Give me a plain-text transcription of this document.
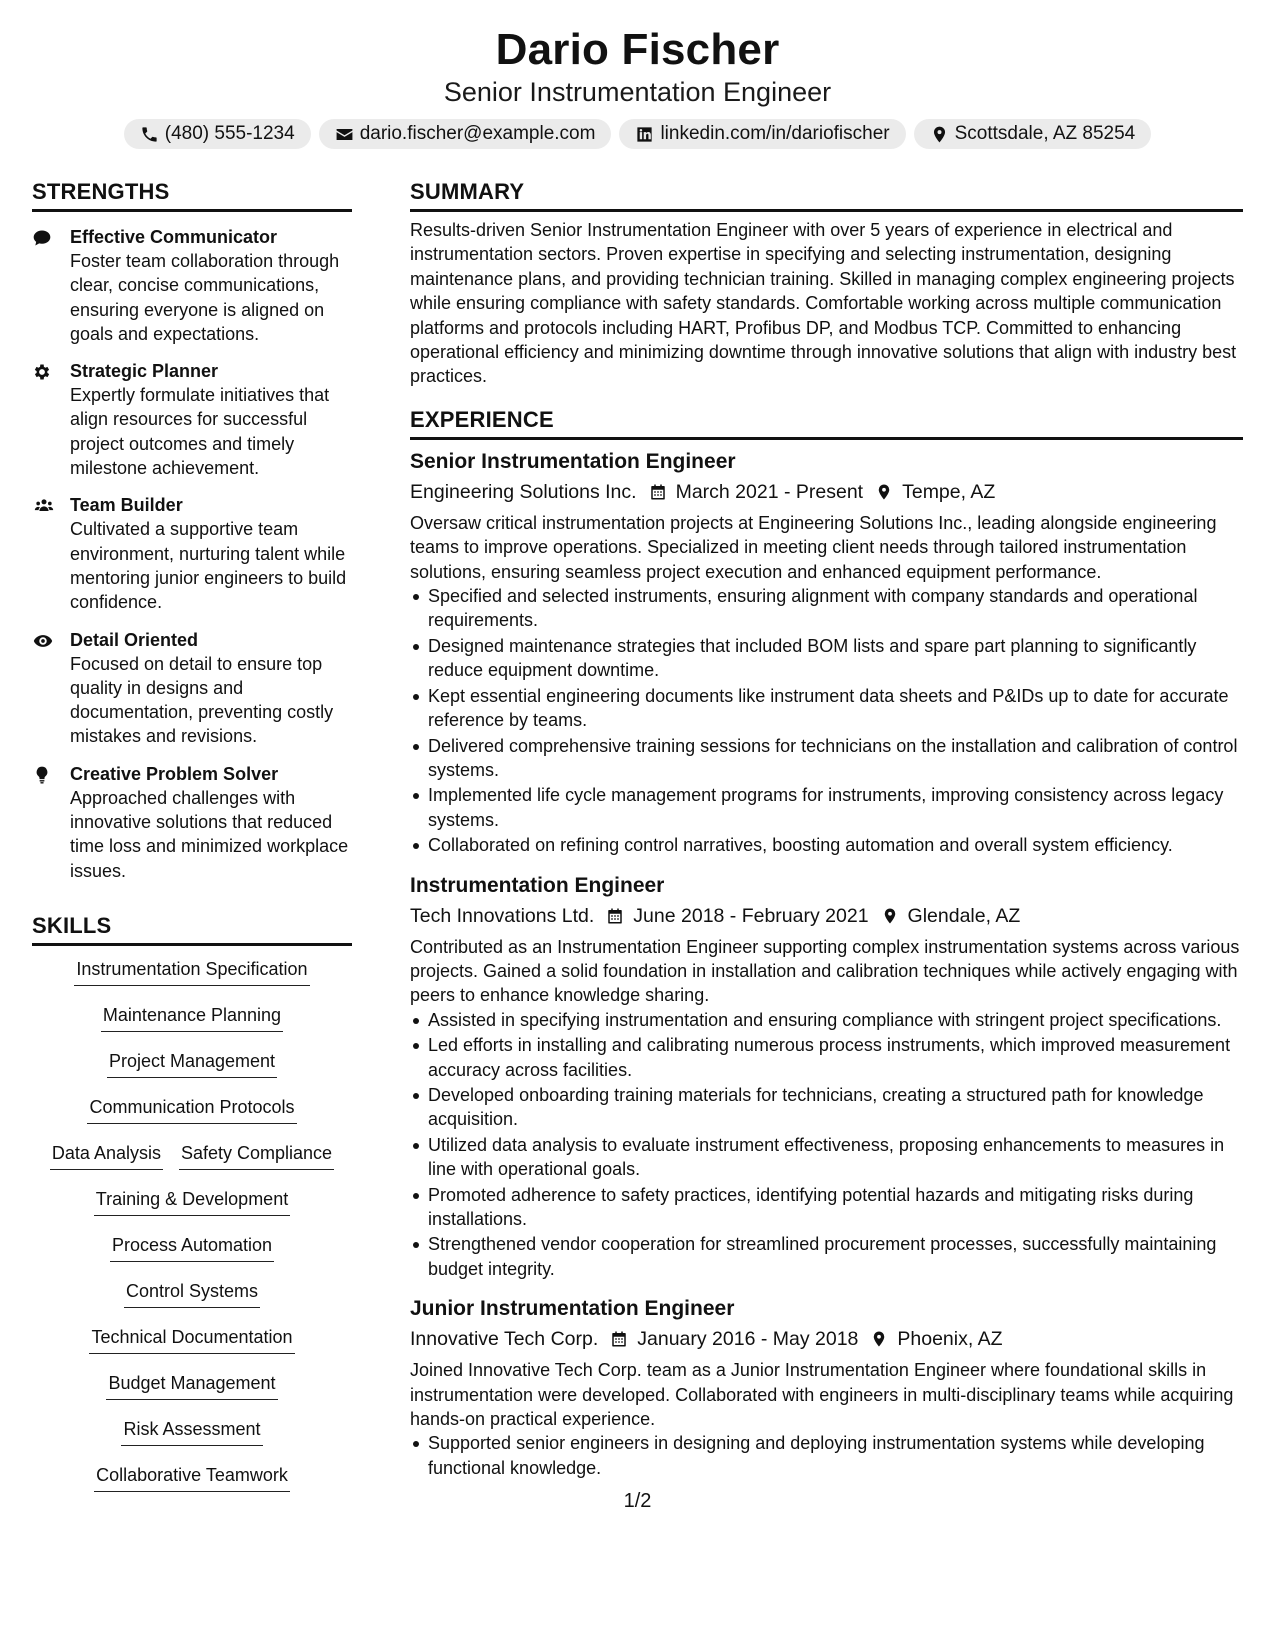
Dario Fischer
Senior Instrumentation Engineer
(480) 555-1234	dario.fischer@example.com	linkedin.com/in/dariofischer	Scottsdale, AZ 85254
STRENGTHS
Effective Communicator
Foster team collaboration through clear, concise communications, ensuring everyone is aligned on goals and expectations.
Strategic Planner
Expertly formulate initiatives that align resources for successful project outcomes and timely milestone achievement.
Team Builder
Cultivated a supportive team environment, nurturing talent while mentoring junior engineers to build confidence.
Detail Oriented
Focused on detail to ensure top quality in designs and documentation, preventing costly mistakes and revisions.
Creative Problem Solver
Approached challenges with innovative solutions that reduced time loss and minimized workplace issues.
SKILLS
Instrumentation Specification
Maintenance Planning
Project Management
Communication Protocols
Data Analysis Safety Compliance
Training & Development
Process Automation
Control Systems
Technical Documentation
Budget Management
Risk Assessment
Collaborative Teamwork
SUMMARY

Results-driven Senior Instrumentation Engineer with over 5 years of experience in electrical and instrumentation sectors. Proven expertise in specifying and selecting instrumentation, designing maintenance plans, and providing technician training. Skilled in managing complex engineering projects while ensuring compliance with safety standards. Comfortable working across multiple communication platforms and protocols including HART, Profibus DP, and Modbus TCP. Committed to enhancing operational efficiency and minimizing downtime through innovative solutions that align with industry best practices.

EXPERIENCE
Senior Instrumentation Engineer
Engineering Solutions Inc. March 2021 - Present Tempe, AZ

Oversaw critical instrumentation projects at Engineering Solutions Inc., leading alongside engineering teams to improve operations. Specialized in meeting client needs through tailored instrumentation solutions, ensuring seamless project execution and enhanced equipment performance.

Specified and selected instruments, ensuring alignment with company standards and operational requirements.
Designed maintenance strategies that included BOM lists and spare part planning to significantly reduce equipment downtime.
Kept essential engineering documents like instrument data sheets and P&IDs up to date for accurate reference by teams.
Delivered comprehensive training sessions for technicians on the installation and calibration of control systems.
Implemented life cycle management programs for instruments, improving consistency across legacy systems.
Collaborated on refining control narratives, boosting automation and overall system efficiency.
Instrumentation Engineer
Tech Innovations Ltd. June 2018 - February 2021 Glendale, AZ

Contributed as an Instrumentation Engineer supporting complex instrumentation systems across various projects. Gained a solid foundation in installation and calibration techniques while actively engaging with peers to enhance knowledge sharing.

Assisted in specifying instrumentation and ensuring compliance with stringent project specifications.
Led efforts in installing and calibrating numerous process instruments, which improved measurement accuracy across facilities.
Developed onboarding training materials for technicians, creating a structured path for knowledge acquisition.
Utilized data analysis to evaluate instrument effectiveness, proposing enhancements to measures in line with operational goals.
Promoted adherence to safety practices, identifying potential hazards and mitigating risks during installations.
Strengthened vendor cooperation for streamlined procurement processes, successfully maintaining budget integrity.
Junior Instrumentation Engineer
Innovative Tech Corp. January 2016 - May 2018 Phoenix, AZ

Joined Innovative Tech Corp. team as a Junior Instrumentation Engineer where foundational skills in instrumentation were developed. Collaborated with engineers in multi-disciplinary teams while acquiring hands-on practical experience.

Supported senior engineers in designing and deploying instrumentation systems while developing functional knowledge.
1/2
